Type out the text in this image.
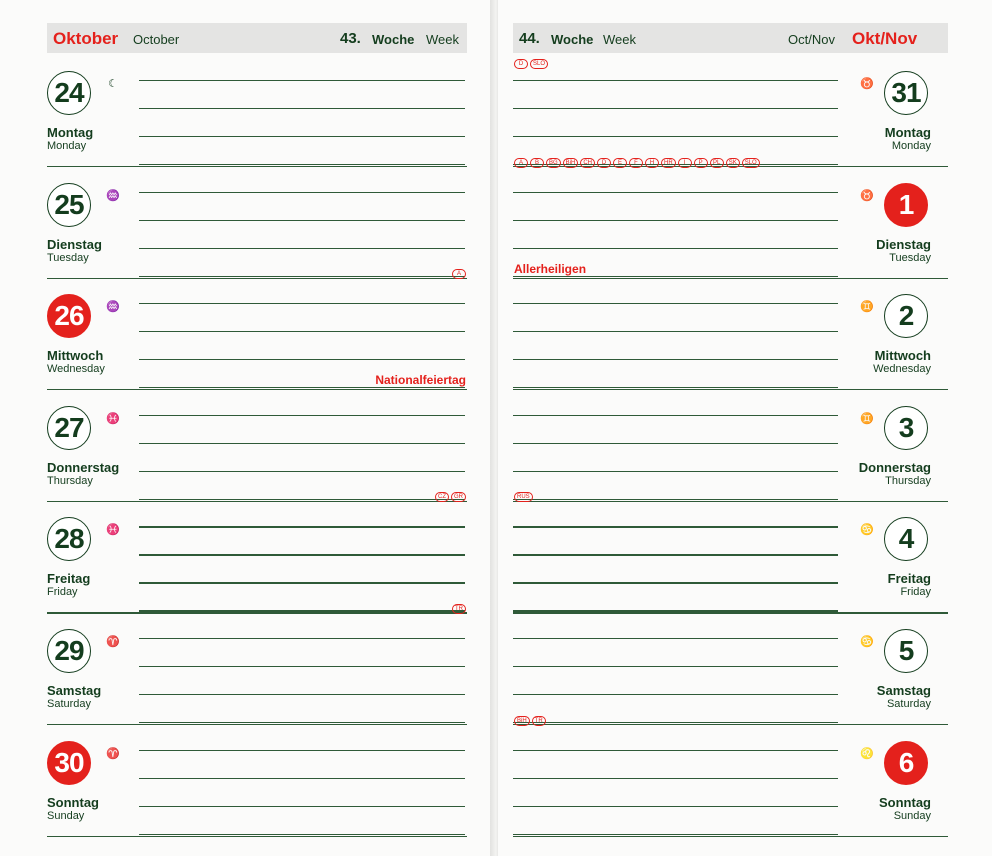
Oktober October	43. Woche Week
24	☾
Montag
Monday
25	♒
Dienstag
Tuesday
26	♒
Mittwoch
Wednesday
A
Nationalfeiertag
27	♓
Donnerstag
Thursday
28	♓
Freitag
Friday
CZ	GR
29	♈
Samstag
Saturday
TR
30	♈
Sonntag
Sunday
44. Woche Week	Oct/Nov Okt/Nov
31
♉
Montag
Monday
D	SLO
1
♉
Dienstag
Tuesday
A	B	BG	BiH	CH	D	E	F	H	HR	I	P	PL	SK	SLO
Allerheiligen
2
♊
Mittwoch
Wednesday
3
♊
Donnerstag
Thursday
4
♋
Freitag
Friday
RUS
5
♋
Samstag
Saturday
6
♌
Sonntag
Sunday
BiH	TR
